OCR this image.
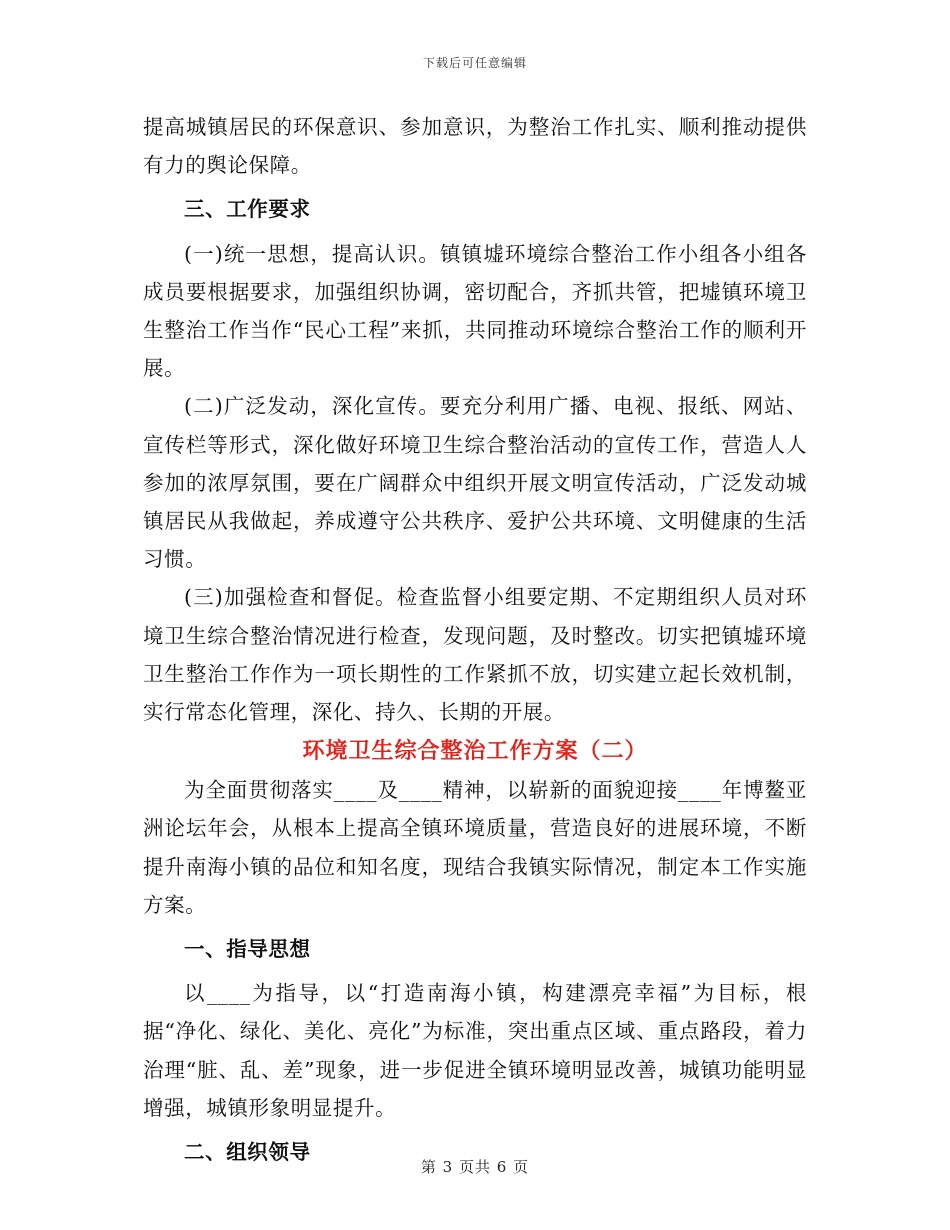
下载后可任意编辑

提高城镇居民的环保意识、参加意识，为整治工作扎实、顺利推动提供有力的舆论保障。

三、工作要求

(一)统一思想，提高认识。镇镇墟环境综合整治工作小组各小组各成员要根据要求，加强组织协调，密切配合，齐抓共管，把墟镇环境卫生整治工作当作“民心工程”来抓，共同推动环境综合整治工作的顺利开展。

(二)广泛发动，深化宣传。要充分利用广播、电视、报纸、网站、宣传栏等形式，深化做好环境卫生综合整治活动的宣传工作，营造人人参加的浓厚氛围，要在广阔群众中组织开展文明宣传活动，广泛发动城镇居民从我做起，养成遵守公共秩序、爱护公共环境、文明健康的生活习惯。

(三)加强检查和督促。检查监督小组要定期、不定期组织人员对环境卫生综合整治情况进行检查，发现问题，及时整改。切实把镇墟环境卫生整治工作作为一项长期性的工作紧抓不放，切实建立起长效机制，实行常态化管理，深化、持久、长期的开展。

环境卫生综合整治工作方案（二）

为全面贯彻落实____及____精神，以崭新的面貌迎接____年博鳌亚洲论坛年会，从根本上提高全镇环境质量，营造良好的进展环境，不断提升南海小镇的品位和知名度，现结合我镇实际情况，制定本工作实施方案。

一、指导思想

以____为指导，以“打造南海小镇，构建漂亮幸福”为目标，根据“净化、绿化、美化、亮化”为标准，突出重点区域、重点路段，着力治理“脏、乱、差”现象，进一步促进全镇环境明显改善，城镇功能明显增强，城镇形象明显提升。

二、组织领导

第 3 页共 6 页
